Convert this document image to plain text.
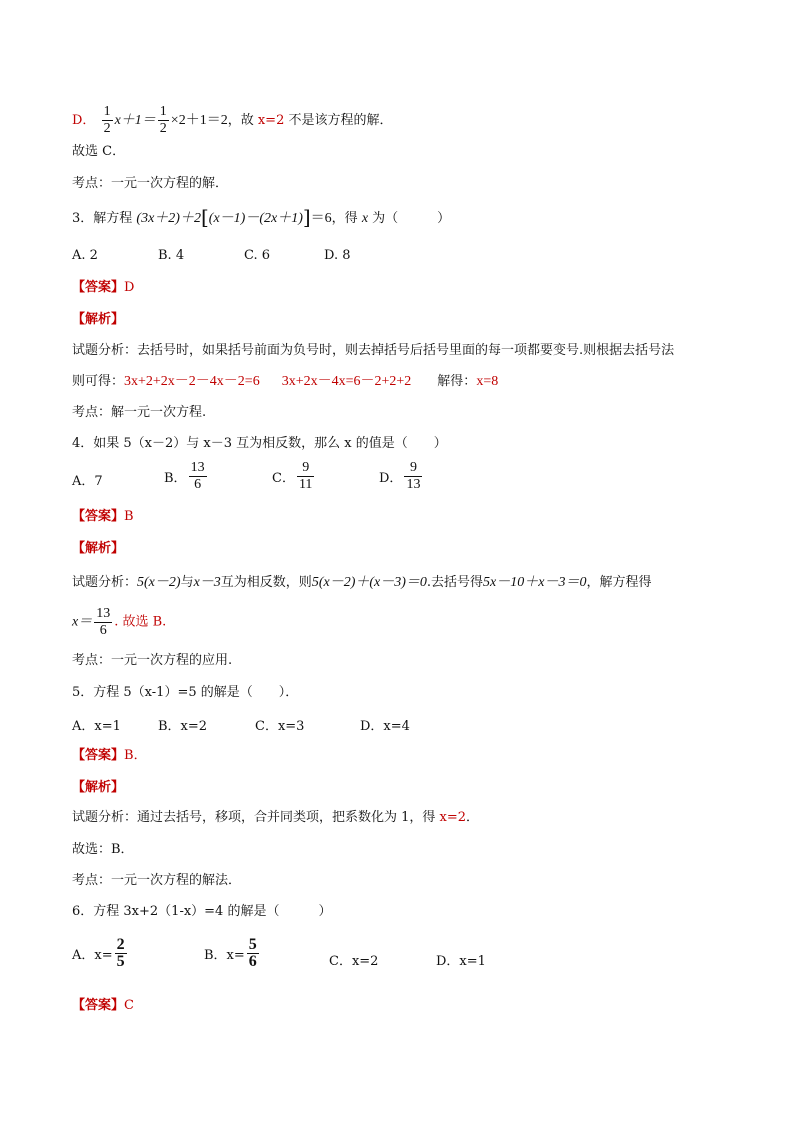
D． $\frac{1}{2} x+1= \frac{1}{2} \times 2+1=2$，故 x=2 不是该方程的解．
故选 C．
考点：一元一次方程的解．
3．解方程 (3x＋2)＋2[(x－1)－(2x＋1)]＝6，得 x 为（　　　）
A. 2	B. 4	C. 6	D. 8
【答案】D
【解析】
试题分析：去括号时，如果括号前面为负号时，则去掉括号后括号里面的每一项都要变号.则根据去括号法
则可得：3x+2+2x－2－4x－2=6 3x+2x－4x=6－2+2+2 解得：x=8
考点：解一元一次方程.
4．如果 5（x－2）与 x－3 互为相反数，那么 x 的值是（　　）
A．7	B． $\frac{13}{6}$	C． $\frac{9}{11}$	D． $\frac{9}{13}$
【答案】B
【解析】
试题分析：5(x－2)与x－3互为相反数，则5(x－2)＋(x－3)＝0.去括号得5x－10＋x－3＝0，解方程得
$x= \frac{13}{6}$ . 故选 B.
考点：一元一次方程的应用.
5．方程 5（x-1）=5 的解是（　　）．
A．x=1	B．x=2	C．x=3	D．x=4
【答案】B．
【解析】
试题分析：通过去括号，移项，合并同类项，把系数化为 1，得 x=2．
故选：B．
考点：一元一次方程的解法．
6．方程 3x+2（1-x）=4 的解是（　　　）
A．$x= \frac{2}{5}$	B．$x= \frac{5}{6}$	C．x=2	D．x=1
【答案】C
